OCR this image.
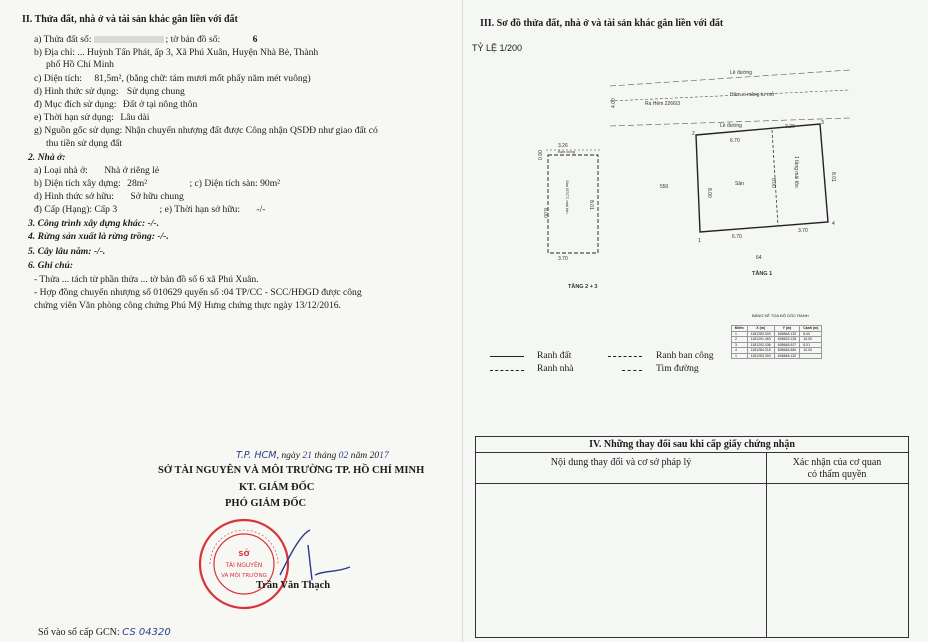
II. Thửa đất, nhà ở và tài sản khác gắn liền với đất
a) Thửa đất số:	; tờ bản đồ số:	6
b) Địa chỉ: ... Huỳnh Tấn Phát, ấp 3, Xã Phú Xuân, Huyện Nhà Bè, Thành
phố Hồ Chí Minh
c) Diện tích: 81,5m², (bằng chữ: tám mươi mốt phẩy năm mét vuông)
d) Hình thức sử dụng: Sử dụng chung
đ) Mục đích sử dụng: Đất ở tại nông thôn
e) Thời hạn sử dụng: Lâu dài
g) Nguồn gốc sử dụng: Nhận chuyển nhượng đất được Công nhận QSDĐ như giao đất có
thu tiền sử dụng đất
2. Nhà ở:
a) Loại nhà ở: Nhà ở riêng lẻ
b) Diện tích xây dựng: 28m²	; c) Diện tích sàn: 90m²
d) Hình thức sở hữu: Sở hữu chung
đ) Cấp (Hạng): Cấp 3	; e) Thời hạn sở hữu: -/-
3. Công trình xây dựng khác: -/-.
4. Rừng sản xuất là rừng trồng: -/-.
5. Cây lâu năm: -/-.
6. Ghi chú:
- Thửa ... tách từ phần thửa ... tờ bản đồ số 6 xã Phú Xuân.
- Hợp đồng chuyển nhượng số 010629 quyển số :04 TP/CC - SCC/HĐGD được công
chứng viên Văn phòng công chứng Phú Mỹ Hưng chứng thực ngày 13/12/2016.
T.P. HCM, ngày 21 tháng 02 năm 2017
SỞ TÀI NGUYÊN VÀ MÔI TRƯỜNG TP. HỒ CHÍ MINH
KT. GIÁM ĐỐC
PHÓ GIÁM ĐỐC
SỞ
TÀI NGUYÊN
VÀ MÔI TRƯỜNG
Trần Văn Thạch
Số vào sổ cấp GCN: CS 04320
III. Sơ đồ thửa đất, nhà ở và tài sản khác gắn liền với đất
TỶ LỆ 1/200
Lề đường
Lề đường
Ra Hẻm 2266/3
Hẻm xi măng tư mở
4.00
2
3
4
1
6.70
3.20
6.70
3.70
8.00
8.00
8.01
Sân	1 tầng mái tôn
550
64
TẦNG 1
3.26
Ban công
0.90
8.00
8.01
Sàn BTCT, mái tôn
3.70
TẦNG 2 + 3
BẢNG KÊ TỌA ĐỘ GÓC RANH
Điểm	X (m)	Y (m)	Cạnh (m)
1	1181283.303	608848.132	8.00
2	1181291.463	608629.128	10.00
3	1181292.436	608648.927	8.01
4	1181284.215	608648.480	10.00
1	1181283.303	608848.132	
Ranh đất	Ranh ban công
Ranh nhà	Tim đường
IV. Những thay đổi sau khi cấp giấy chứng nhận
Nội dung thay đổi và cơ sở pháp lý	Xác nhận của cơ quan
có thẩm quyền
